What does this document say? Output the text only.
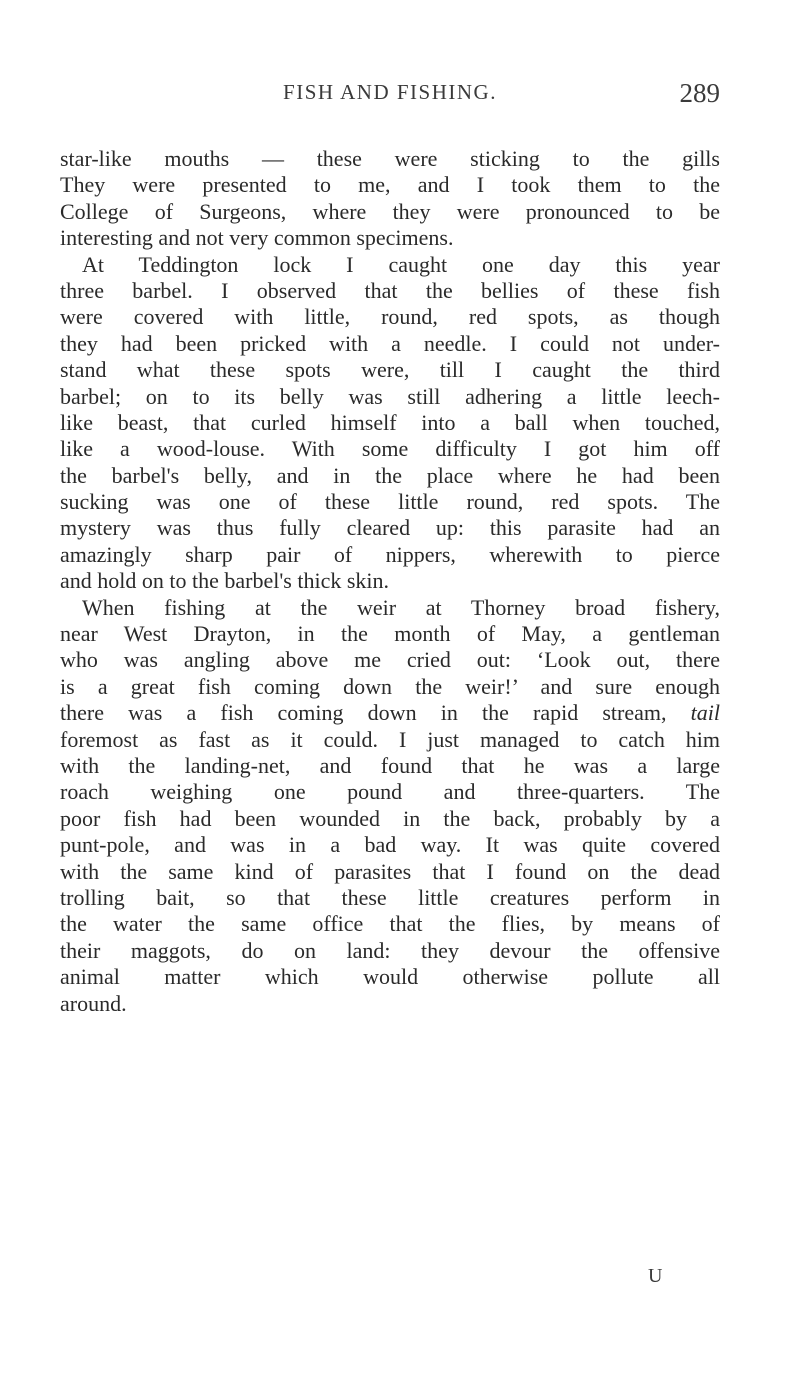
FISH AND FISHING.	289
star-like mouths — these were sticking to the gills
They were presented to me, and I took them to the
College of Surgeons, where they were pronounced to be
interesting and not very common specimens.
At Teddington lock I caught one day this year
three barbel. I observed that the bellies of these fish
were covered with little, round, red spots, as though
they had been pricked with a needle. I could not under-
stand what these spots were, till I caught the third
barbel; on to its belly was still adhering a little leech-
like beast, that curled himself into a ball when touched,
like a wood-louse. With some difficulty I got him off
the barbel's belly, and in the place where he had been
sucking was one of these little round, red spots. The
mystery was thus fully cleared up: this parasite had an
amazingly sharp pair of nippers, wherewith to pierce
and hold on to the barbel's thick skin.
When fishing at the weir at Thorney broad fishery,
near West Drayton, in the month of May, a gentleman
who was angling above me cried out: ‘Look out, there
is a great fish coming down the weir!’ and sure enough
there was a fish coming down in the rapid stream, tail
foremost as fast as it could. I just managed to catch him
with the landing-net, and found that he was a large
roach weighing one pound and three-quarters. The
poor fish had been wounded in the back, probably by a
punt-pole, and was in a bad way. It was quite covered
with the same kind of parasites that I found on the dead
trolling bait, so that these little creatures perform in
the water the same office that the flies, by means of
their maggots, do on land: they devour the offensive
animal matter which would otherwise pollute all
around.
U
